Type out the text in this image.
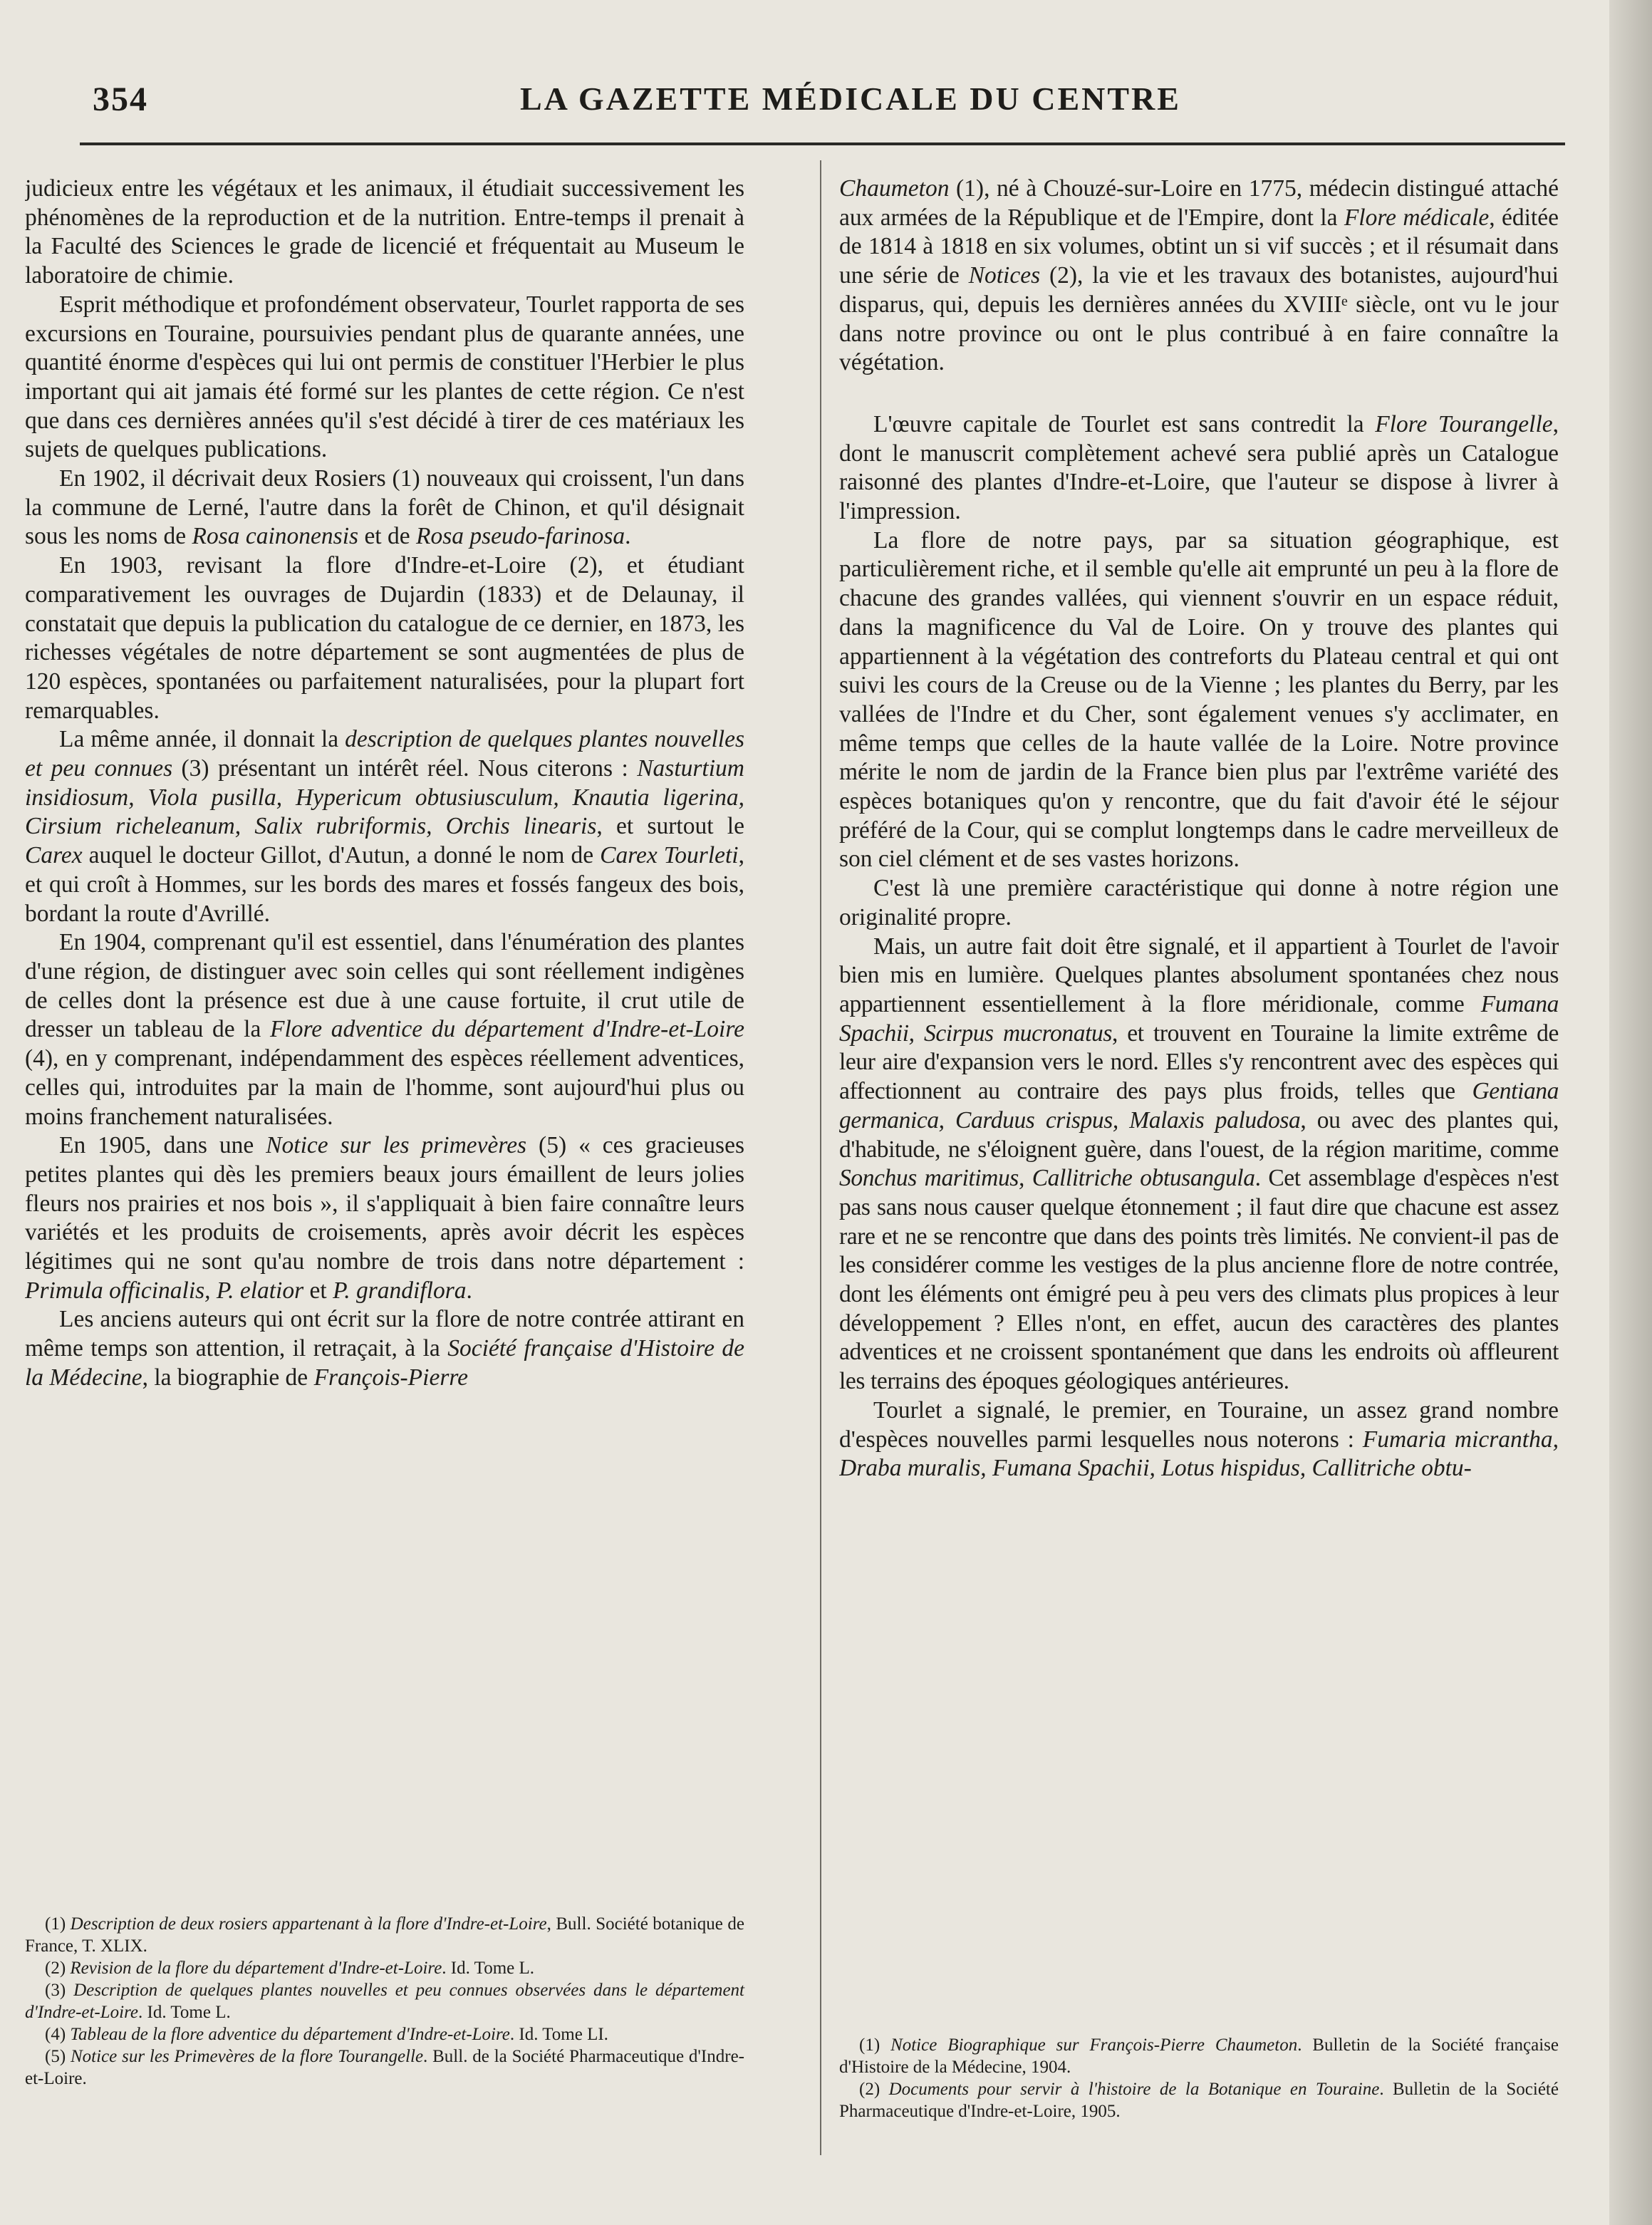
354	LA GAZETTE MÉDICALE DU CENTRE

judicieux entre les végétaux et les animaux, il étudiait successivement les phénomènes de la reproduction et de la nutrition. Entre-temps il prenait à la Faculté des Sciences le grade de licencié et fréquentait au Museum le laboratoire de chimie.

Esprit méthodique et profondément observateur, Tourlet rapporta de ses excursions en Touraine, poursuivies pendant plus de quarante années, une quantité énorme d'espèces qui lui ont permis de constituer l'Herbier le plus important qui ait jamais été formé sur les plantes de cette région. Ce n'est que dans ces dernières années qu'il s'est décidé à tirer de ces matériaux les sujets de quelques publications.

En 1902, il décrivait deux Rosiers (1) nouveaux qui croissent, l'un dans la commune de Lerné, l'autre dans la forêt de Chinon, et qu'il désignait sous les noms de Rosa cainonensis et de Rosa pseudo-farinosa.

En 1903, revisant la flore d'Indre-et-Loire (2), et étudiant comparativement les ouvrages de Dujardin (1833) et de Delaunay, il constatait que depuis la publication du catalogue de ce dernier, en 1873, les richesses végétales de notre département se sont augmentées de plus de 120 espèces, spontanées ou parfaitement naturalisées, pour la plupart fort remarquables.

La même année, il donnait la description de quelques plantes nouvelles et peu connues (3) présentant un intérêt réel. Nous citerons : Nasturtium insidiosum, Viola pusilla, Hypericum obtusiusculum, Knautia ligerina, Cirsium richeleanum, Salix rubriformis, Orchis linearis, et surtout le Carex auquel le docteur Gillot, d'Autun, a donné le nom de Carex Tourleti, et qui croît à Hommes, sur les bords des mares et fossés fangeux des bois, bordant la route d'Avrillé.

En 1904, comprenant qu'il est essentiel, dans l'énumération des plantes d'une région, de distinguer avec soin celles qui sont réellement indigènes de celles dont la présence est due à une cause fortuite, il crut utile de dresser un tableau de la Flore adventice du département d'Indre-et-Loire (4), en y comprenant, indépendamment des espèces réellement adventices, celles qui, introduites par la main de l'homme, sont aujourd'hui plus ou moins franchement naturalisées.

En 1905, dans une Notice sur les primevères (5) « ces gracieuses petites plantes qui dès les premiers beaux jours émaillent de leurs jolies fleurs nos prairies et nos bois », il s'appliquait à bien faire connaître leurs variétés et les produits de croisements, après avoir décrit les espèces légitimes qui ne sont qu'au nombre de trois dans notre département : Primula officinalis, P. elatior et P. grandiflora.

Les anciens auteurs qui ont écrit sur la flore de notre contrée attirant en même temps son attention, il retraçait, à la Société française d'Histoire de la Médecine, la biographie de François-Pierre

(1) Description de deux rosiers appartenant à la flore d'Indre-et-Loire, Bull. Société botanique de France, T. XLIX.

(2) Revision de la flore du département d'Indre-et-Loire. Id. Tome L.

(3) Description de quelques plantes nouvelles et peu connues observées dans le département d'Indre-et-Loire. Id. Tome L.

(4) Tableau de la flore adventice du département d'Indre-et-Loire. Id. Tome LI.

(5) Notice sur les Primevères de la flore Tourangelle. Bull. de la Société Pharmaceutique d'Indre-et-Loire.

Chaumeton (1), né à Chouzé-sur-Loire en 1775, médecin distingué attaché aux armées de la République et de l'Empire, dont la Flore médicale, éditée de 1814 à 1818 en six volumes, obtint un si vif succès ; et il résumait dans une série de Notices (2), la vie et les travaux des botanistes, aujourd'hui disparus, qui, depuis les dernières années du XVIIIᵉ siècle, ont vu le jour dans notre province ou ont le plus contribué à en faire connaître la végétation.

L'œuvre capitale de Tourlet est sans contredit la Flore Tourangelle, dont le manuscrit complètement achevé sera publié après un Catalogue raisonné des plantes d'Indre-et-Loire, que l'auteur se dispose à livrer à l'impression.

La flore de notre pays, par sa situation géographique, est particulièrement riche, et il semble qu'elle ait emprunté un peu à la flore de chacune des grandes vallées, qui viennent s'ouvrir en un espace réduit, dans la magnificence du Val de Loire. On y trouve des plantes qui appartiennent à la végétation des contreforts du Plateau central et qui ont suivi les cours de la Creuse ou de la Vienne ; les plantes du Berry, par les vallées de l'Indre et du Cher, sont également venues s'y acclimater, en même temps que celles de la haute vallée de la Loire. Notre province mérite le nom de jardin de la France bien plus par l'extrême variété des espèces botaniques qu'on y rencontre, que du fait d'avoir été le séjour préféré de la Cour, qui se complut longtemps dans le cadre merveilleux de son ciel clément et de ses vastes horizons.

C'est là une première caractéristique qui donne à notre région une originalité propre.

Mais, un autre fait doit être signalé, et il appartient à Tourlet de l'avoir bien mis en lumière. Quelques plantes absolument spontanées chez nous appartiennent essentiellement à la flore méridionale, comme Fumana Spachii, Scirpus mucronatus, et trouvent en Touraine la limite extrême de leur aire d'expansion vers le nord. Elles s'y rencontrent avec des espèces qui affectionnent au contraire des pays plus froids, telles que Gentiana germanica, Carduus crispus, Malaxis paludosa, ou avec des plantes qui, d'habitude, ne s'éloignent guère, dans l'ouest, de la région maritime, comme Sonchus maritimus, Callitriche obtusangula. Cet assemblage d'espèces n'est pas sans nous causer quelque étonnement ; il faut dire que chacune est assez rare et ne se rencontre que dans des points très limités. Ne convient-il pas de les considérer comme les vestiges de la plus ancienne flore de notre contrée, dont les éléments ont émigré peu à peu vers des climats plus propices à leur développement ? Elles n'ont, en effet, aucun des caractères des plantes adventices et ne croissent spontanément que dans les endroits où affleurent les terrains des époques géologiques antérieures.

Tourlet a signalé, le premier, en Touraine, un assez grand nombre d'espèces nouvelles parmi lesquelles nous noterons : Fumaria micrantha, Draba muralis, Fumana Spachii, Lotus hispidus, Callitriche obtu-

(1) Notice Biographique sur François-Pierre Chaumeton. Bulletin de la Société française d'Histoire de la Médecine, 1904.

(2) Documents pour servir à l'histoire de la Botanique en Touraine. Bulletin de la Société Pharmaceutique d'Indre-et-Loire, 1905.
